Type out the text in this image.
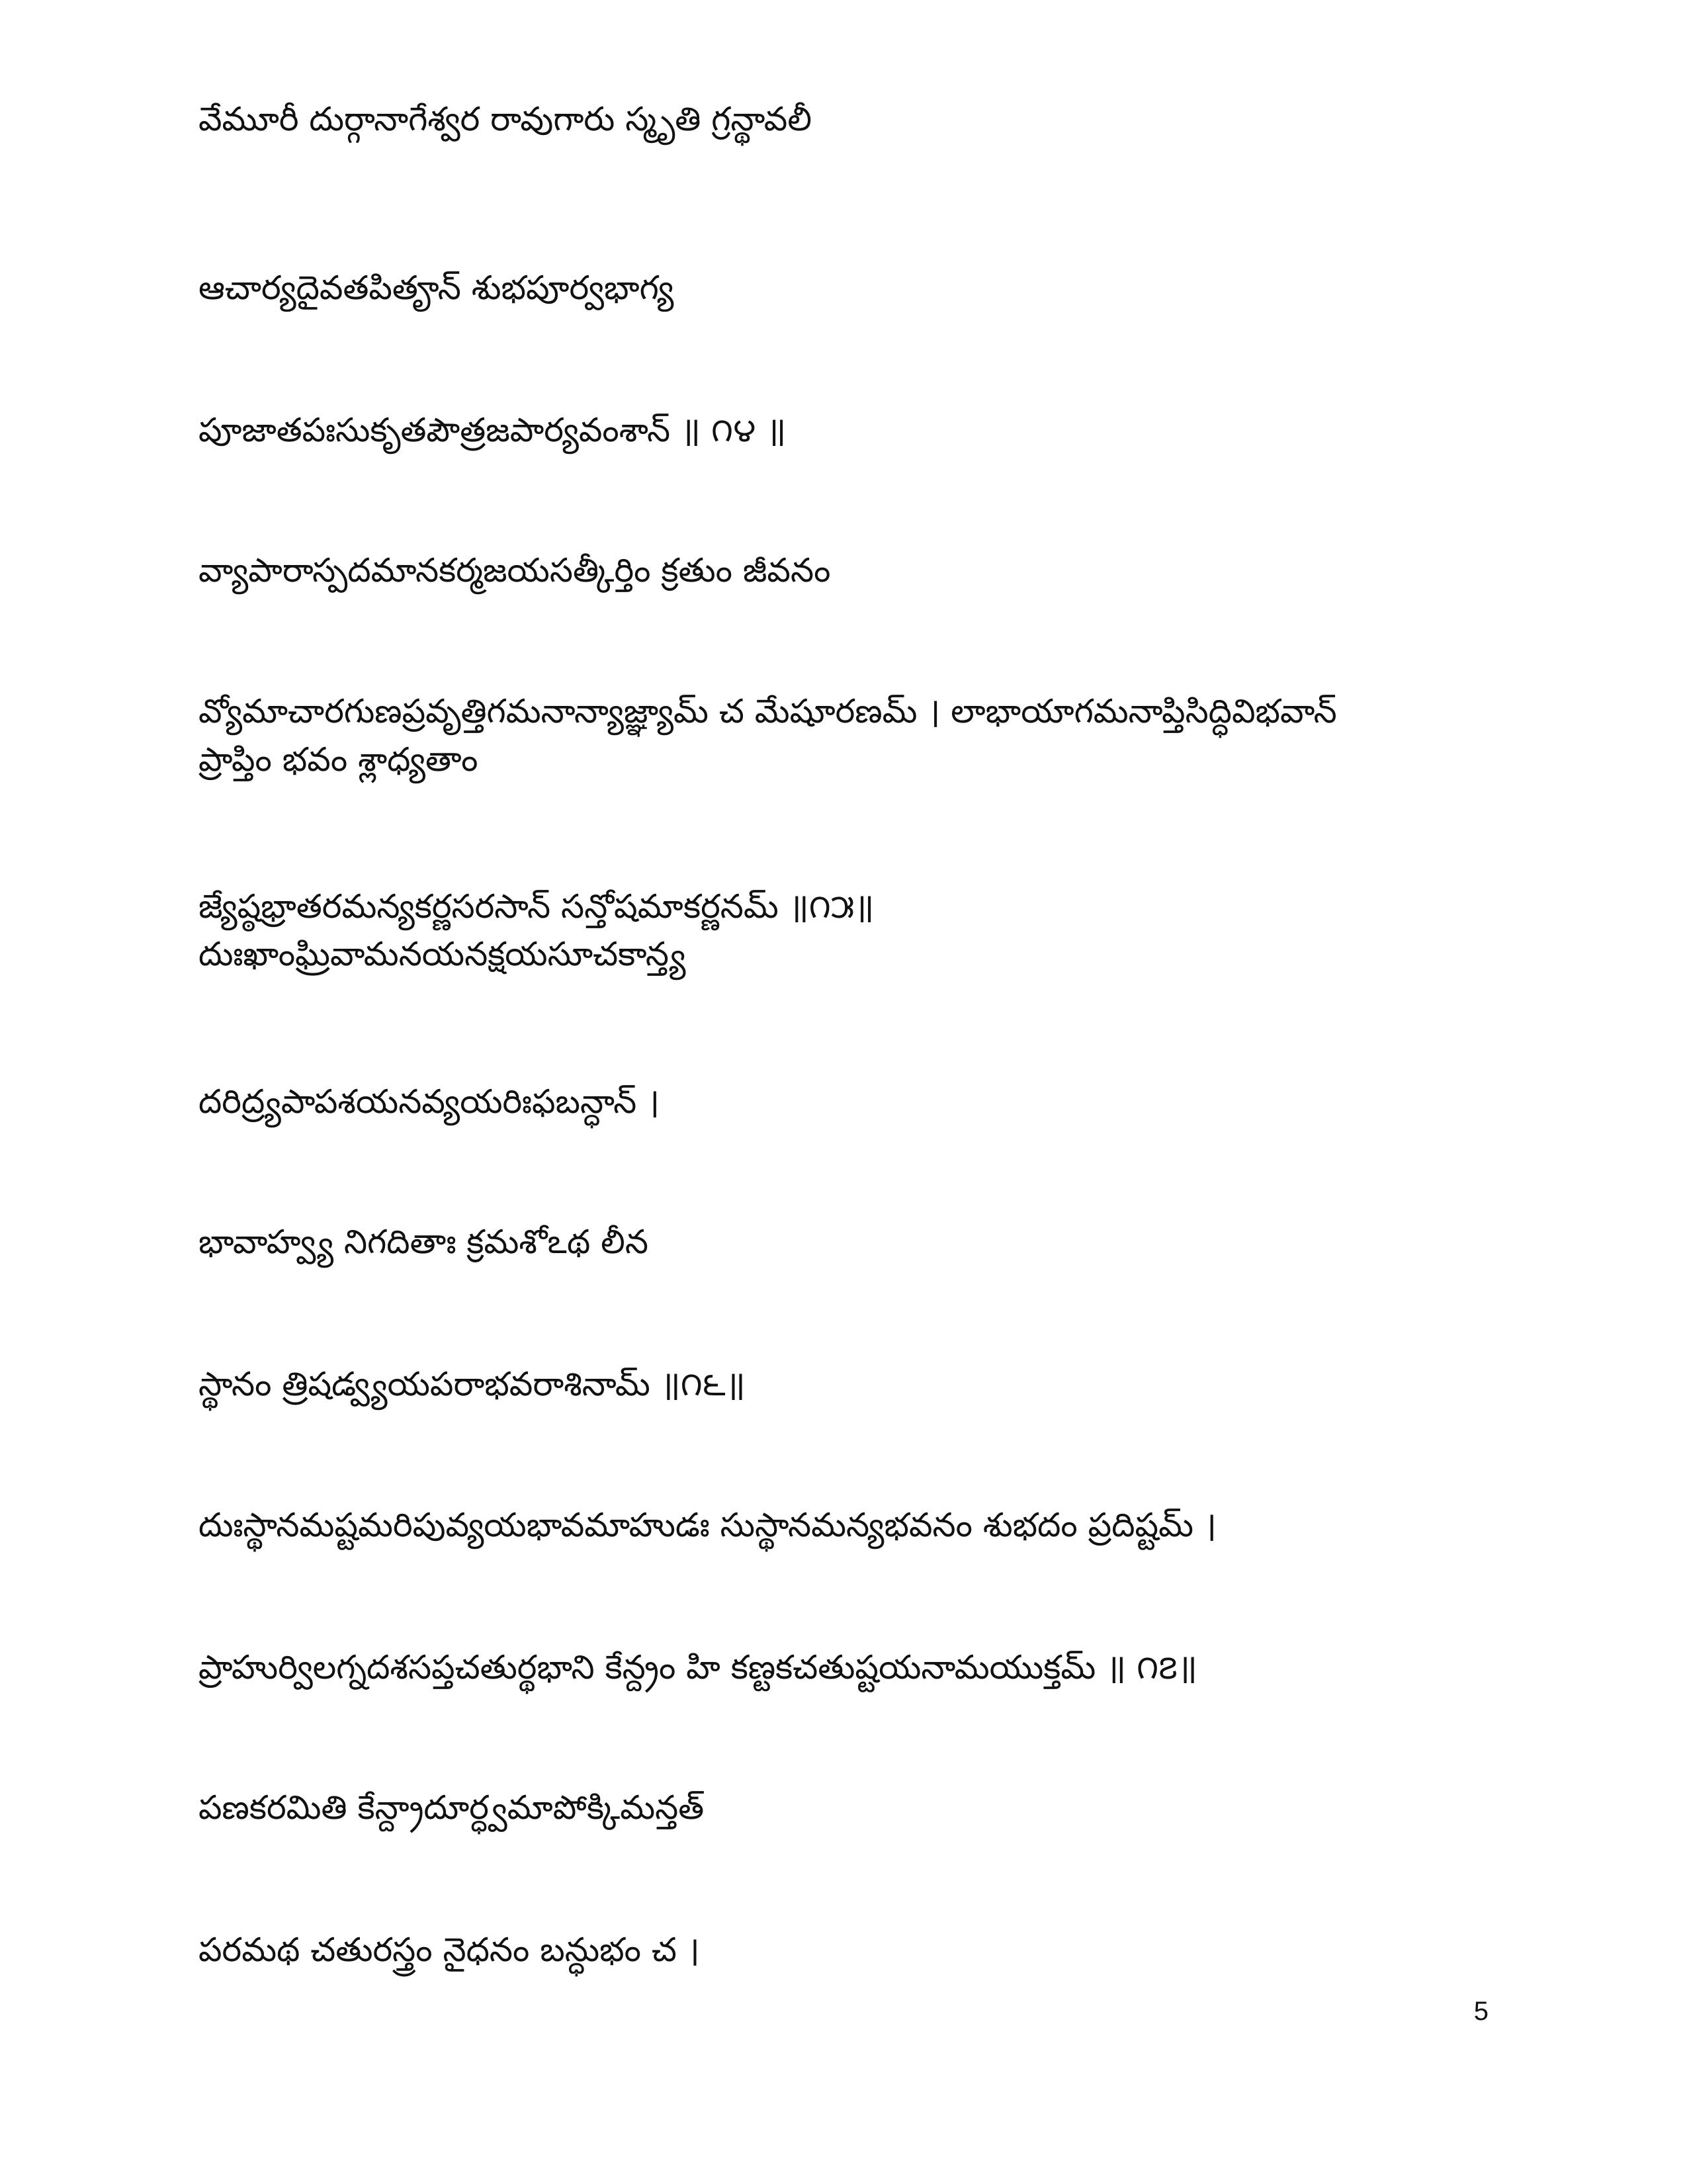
వేమూరీ దుర్గానాగేశ్వర రావుగారు స్మృతి గ్రన్థావలీ
ఆచార్యదైవతపితౄన్ శుభపూర్వభాగ్య
పూజాతపఃసుకృతపౌత్రజపార్యవంశాన్ ॥ ౧౪ ॥
వ్యాపారాస్పదమానకర్మజయసత్కీర్తిం క్రతుం జీవనం
వ్యోమాచారగుణప్రవృత్తిగమనాన్యాజ్ఞ్యామ్ చ మేషూరణమ్ । లాభాయాగమనాప్తిసిద్ధివిభవాన్
ప్రాప్తిం భవం శ్లాధ్యతాం
జ్యేష్ఠభ్రాతరమన్యకర్ణసరసాన్ సన్తోషమాకర్ణనమ్ ॥౧౫॥
దుఃఖాంఘ్రివామనయనక్షయసూచకాన్త్య
దరిద్ర్యపాపశయనవ్యయరిఃఫబన్ధాన్ ।
భావాహ్వ్య నిగదితాః క్రమశోఽథ లీన
స్థానం త్రిషడ్వ్యయపరాభవరాశినామ్ ॥౧౬॥
దుఃస్థానమష్టమరిపువ్యయభావమాహుడః సుస్థానమన్యభవనం శుభదం ప్రదిష్టమ్ ।
ప్రాహుర్విలగ్నదశసప్తచతుర్థభాని కేన్ద్రం హి కణ్టకచతుష్టయనామయుక్తమ్ ॥ ౧౭॥
పణకరమితి కేన్ద్రాదూర్ధ్వమాపోక్కిమన్తత్
పరమథ చతురస్త్రం నైధనం బన్ధుభం చ ।
5
